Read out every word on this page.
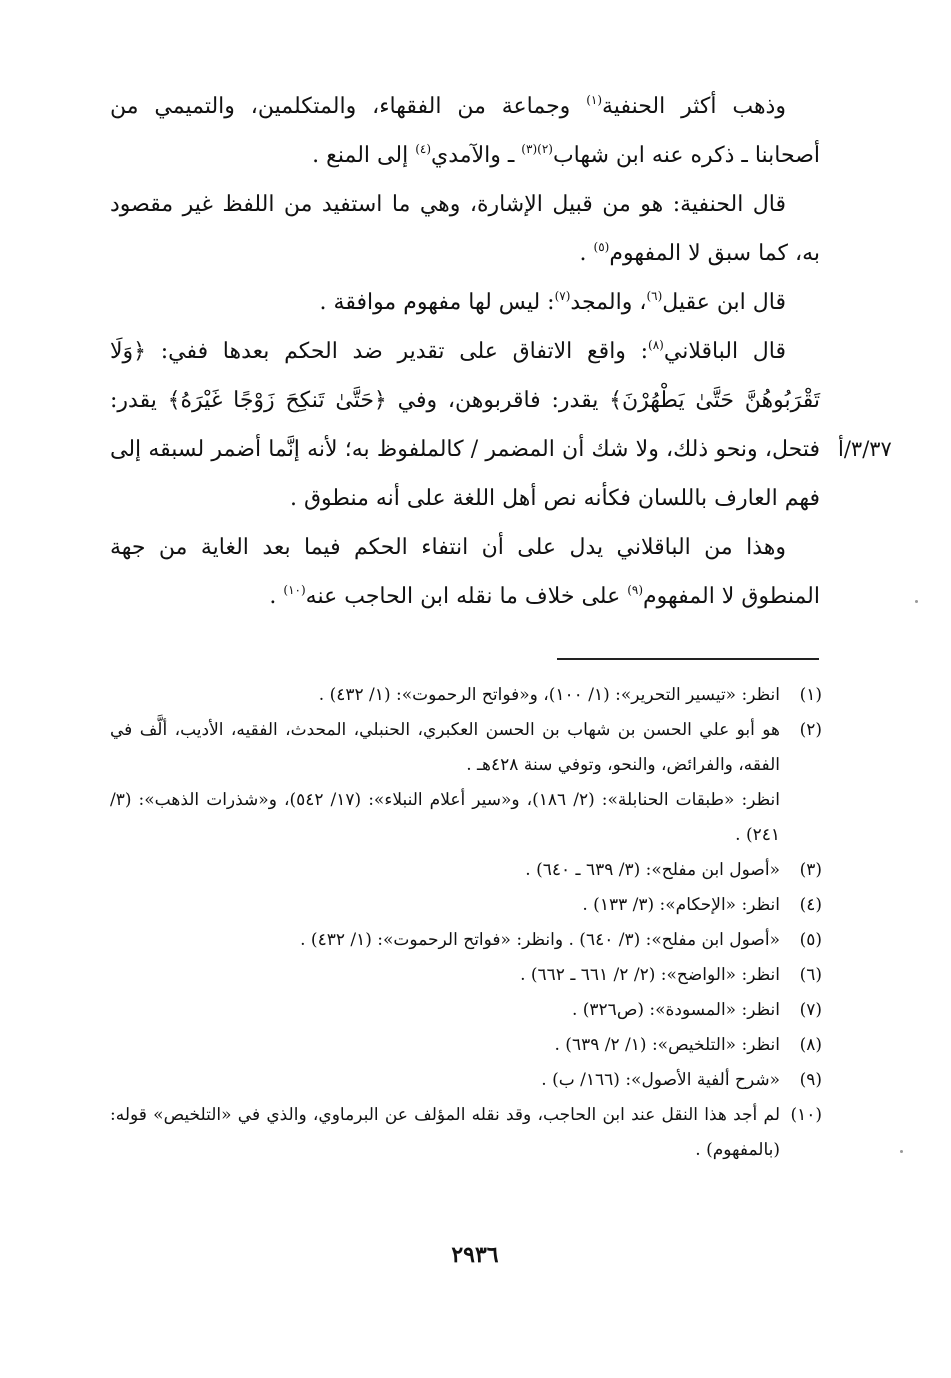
وذهب أكثر الحنفية$^{(١)}$ وجماعة من الفقهاء، والمتكلمين، والتميمي من أصحابنا ـ ذكره عنه ابن شهاب$^{(٢)(٣)}$ ـ والآمدي$^{(٤)}$ إلى المنع .

قال الحنفية: هو من قبيل الإشارة، وهي ما استفيد من اللفظ غير مقصود به، كما سبق لا المفهوم$^{(٥)}$ .

قال ابن عقيل$^{(٦)}$، والمجد$^{(٧)}$: ليس لها مفهوم موافقة .

قال الباقلاني$^{(٨)}$: واقع الاتفاق على تقدير ضد الحكم بعدها ففي: ﴿وَلَا تَقْرَبُوهُنَّ حَتَّىٰ يَطْهُرْنَ﴾ يقدر: فاقربوهن، وفي ﴿حَتَّىٰ تَنكِحَ زَوْجًا غَيْرَهُ﴾ يقدر: فتحل، ونحو ذلك، ولا شك أن المضمر / كالملفوظ به؛ لأنه إنَّما أضمر لسبقه إلى فهم العارف باللسان فكأنه نص أهل اللغة على أنه منطوق .

وهذا من الباقلاني يدل على أن انتفاء الحكم فيما بعد الغاية من جهة المنطوق لا المفهوم$^{(٩)}$ على خلاف ما نقله ابن الحاجب عنه$^{(١٠)}$ .

٣/٣٧/أ
(١)
انظر: «تيسير التحرير»: (١/ ١٠٠)، و«فواتح الرحموت»: (١/ ٤٣٢) .
(٢)
هو أبو علي الحسن بن شهاب بن الحسن العكبري، الحنبلي، المحدث، الفقيه، الأديب، ألَّف في الفقه، والفرائض، والنحو، وتوفي سنة ٤٢٨هـ .
انظر: «طبقات الحنابلة»: (٢/ ١٨٦)، و«سير أعلام النبلاء»: (١٧/ ٥٤٢)، و«شذرات الذهب»: (٣/ ٢٤١) .
(٣)
«أصول ابن مفلح»: (٣/ ٦٣٩ ـ ٦٤٠) .
(٤)
انظر: «الإحكام»: (٣/ ١٣٣) .
(٥)
«أصول ابن مفلح»: (٣/ ٦٤٠) . وانظر: «فواتح الرحموت»: (١/ ٤٣٢) .
(٦)
انظر: «الواضح»: (٢/ ٢/ ٦٦١ ـ ٦٦٢) .
(٧)
انظر: «المسودة»: (ص٣٢٦) .
(٨)
انظر: «التلخيص»: (١/ ٢/ ٦٣٩) .
(٩)
«شرح ألفية الأصول»: (١٦٦/ ب) .
(١٠)
لم أجد هذا النقل عند ابن الحاجب، وقد نقله المؤلف عن البرماوي، والذي في «التلخيص» قوله: (بالمفهوم) .
٢٩٣٦
